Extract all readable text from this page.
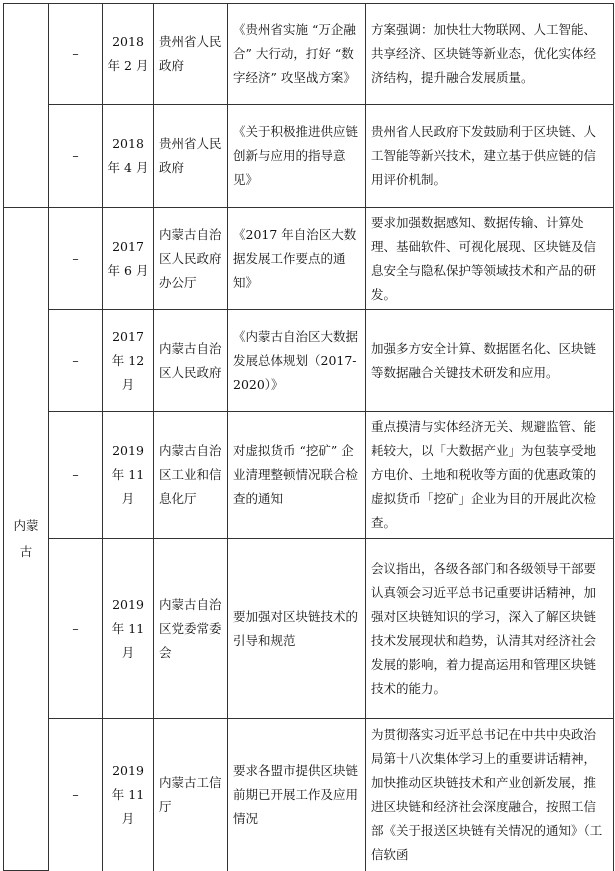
	–	2018 年 2 月	贵州省人民政府	《贵州省实施 “万企融合” 大行动，打好 “数字经济” 攻坚战方案》	方案强调：加快壮大物联网、人工智能、共享经济、区块链等新业态，优化实体经济结构，提升融合发展质量。
	–	2018 年 4 月	贵州省人民政府	《关于积极推进供应链创新与应用的指导意见》	贵州省人民政府下发鼓励利于区块链、人工智能等新兴技术，建立基于供应链的信用评价机制。
内蒙古	–	2017 年 6 月	内蒙古自治区人民政府办公厅	《2017 年自治区大数据发展工作要点的通知》	要求加强数据感知、数据传输、计算处理、基础软件、可视化展现、区块链及信息安全与隐私保护等领域技术和产品的研发。
	–	2017 年 12 月	内蒙古自治区人民政府	《内蒙古自治区大数据发展总体规划（2017-2020）》	加强多方安全计算、数据匿名化、区块链等数据融合关键技术研发和应用。
	–	2019 年 11 月	内蒙古自治区工业和信息化厅	对虚拟货币 “挖矿” 企业清理整顿情况联合检查的通知	重点摸清与实体经济无关、规避监管、能耗较大，以「大数据产业」为包装享受地方电价、土地和税收等方面的优惠政策的虚拟货币「挖矿」企业为目的开展此次检查。
	–	2019 年 11 月	内蒙古自治区党委常委会	要加强对区块链技术的引导和规范	会议指出，各级各部门和各级领导干部要认真领会习近平总书记重要讲话精神，加强对区块链知识的学习，深入了解区块链技术发展现状和趋势，认清其对经济社会发展的影响，着力提高运用和管理区块链技术的能力。
	–	2019 年 11 月	内蒙古工信厅	要求各盟市提供区块链前期已开展工作及应用情况	为贯彻落实习近平总书记在中共中央政治局第十八次集体学习上的重要讲话精神，加快推动区块链技术和产业创新发展，推进区块链和经济社会深度融合，按照工信部《关于报送区块链有关情况的通知》（工信软函
